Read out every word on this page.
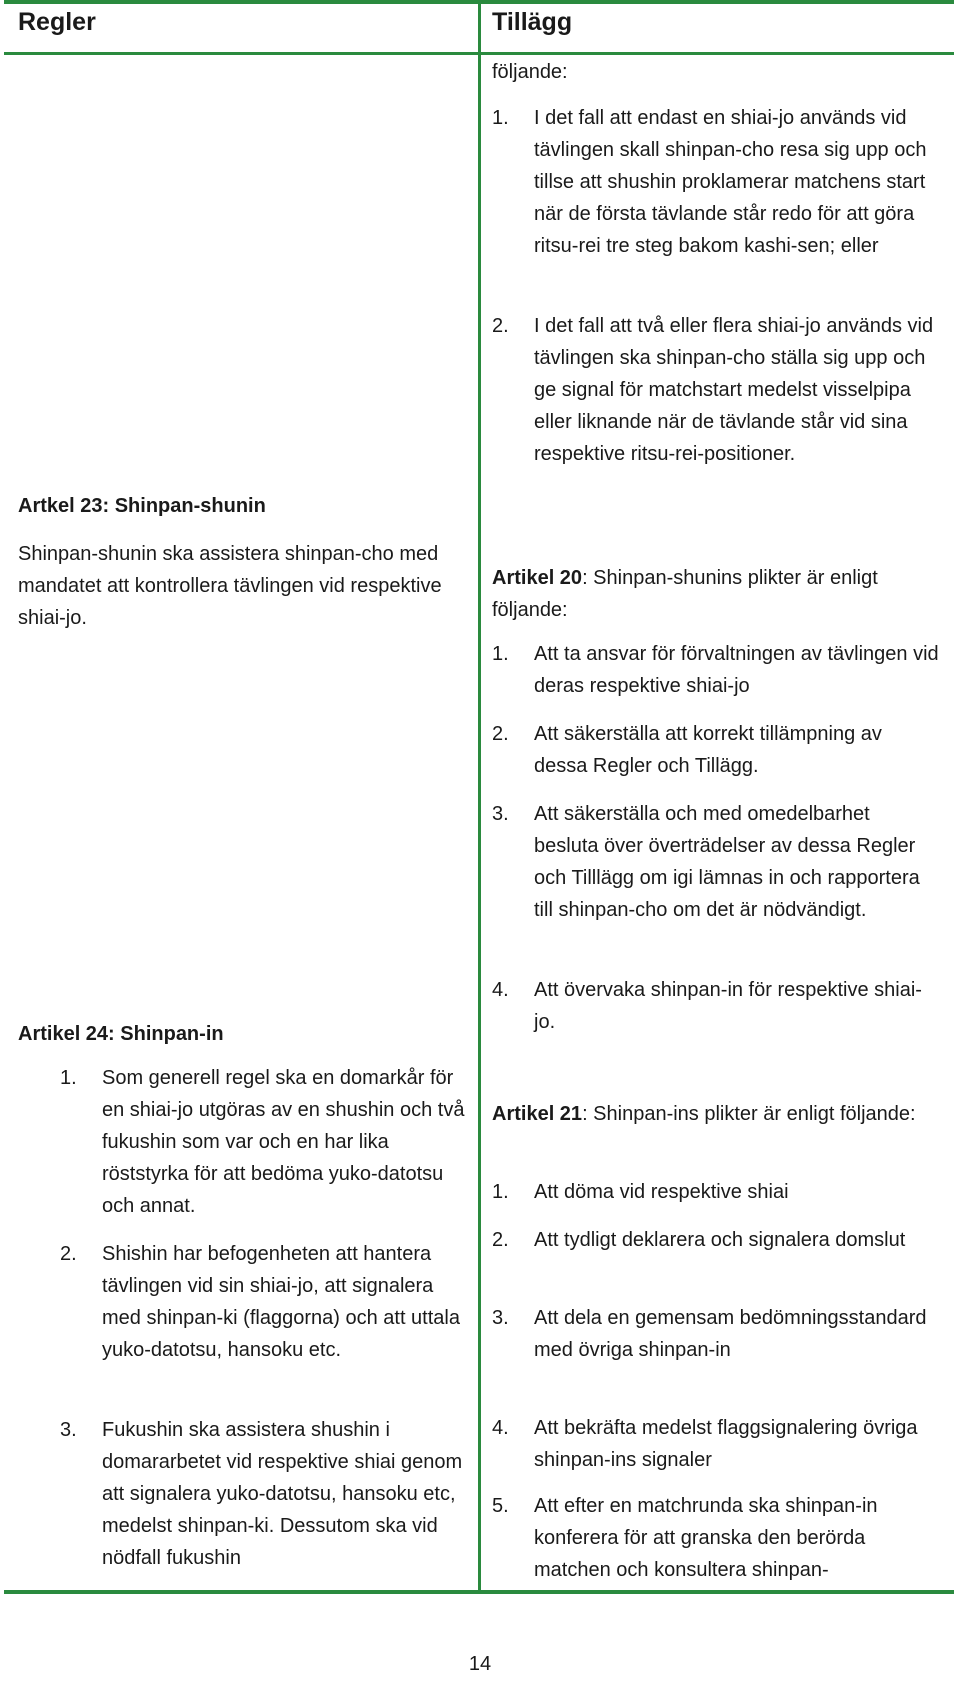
Regler	Tillägg
Artkel 23: Shinpan-shunin
Shinpan-shunin ska assistera shinpan-cho med mandatet att kontrollera tävlingen vid respektive shiai-jo.
Artikel 24: Shinpan-in
1. Som generell regel ska en domarkår för en shiai-jo utgöras av en shushin och två fukushin som var och en har lika röststyrka för att bedöma yuko-datotsu och annat.
2. Shishin har befogenheten att hantera tävlingen vid sin shiai-jo, att signalera med shinpan-ki (flaggorna) och att uttala yuko-datotsu, hansoku etc.
3. Fukushin ska assistera shushin i domararbetet vid respektive shiai genom att signalera yuko-datotsu, hansoku etc, medelst shinpan-ki. Dessutom ska vid nödfall fukushin
följande:
1. I det fall att endast en shiai-jo används vid tävlingen skall shinpan-cho resa sig upp och tillse att shushin proklamerar matchens start när de första tävlande står redo för att göra ritsu-rei tre steg bakom kashi-sen; eller
2. I det fall att två eller flera shiai-jo används vid tävlingen ska shinpan-cho ställa sig upp och ge signal för matchstart medelst visselpipa eller liknande när de tävlande står vid sina respektive ritsu-rei-positioner.
Artikel 20: Shinpan-shunins plikter är enligt följande:
1. Att ta ansvar för förvaltningen av tävlingen vid deras respektive shiai-jo
2. Att säkerställa att korrekt tillämpning av dessa Regler och Tillägg.
3. Att säkerställa och med omedelbarhet besluta över överträdelser av dessa Regler och Tilllägg om igi lämnas in och rapportera till shinpan-cho om det är nödvändigt.
4. Att övervaka shinpan-in för respektive shiai-jo.
Artikel 21: Shinpan-ins plikter är enligt följande:
1. Att döma vid respektive shiai
2. Att tydligt deklarera och signalera domslut
3. Att dela en gemensam bedömningsstandard med övriga shinpan-in
4. Att bekräfta medelst flaggsignalering övriga shinpan-ins signaler
5. Att efter en matchrunda ska shinpan-in konferera för att granska den berörda matchen och konsultera shinpan-
14
